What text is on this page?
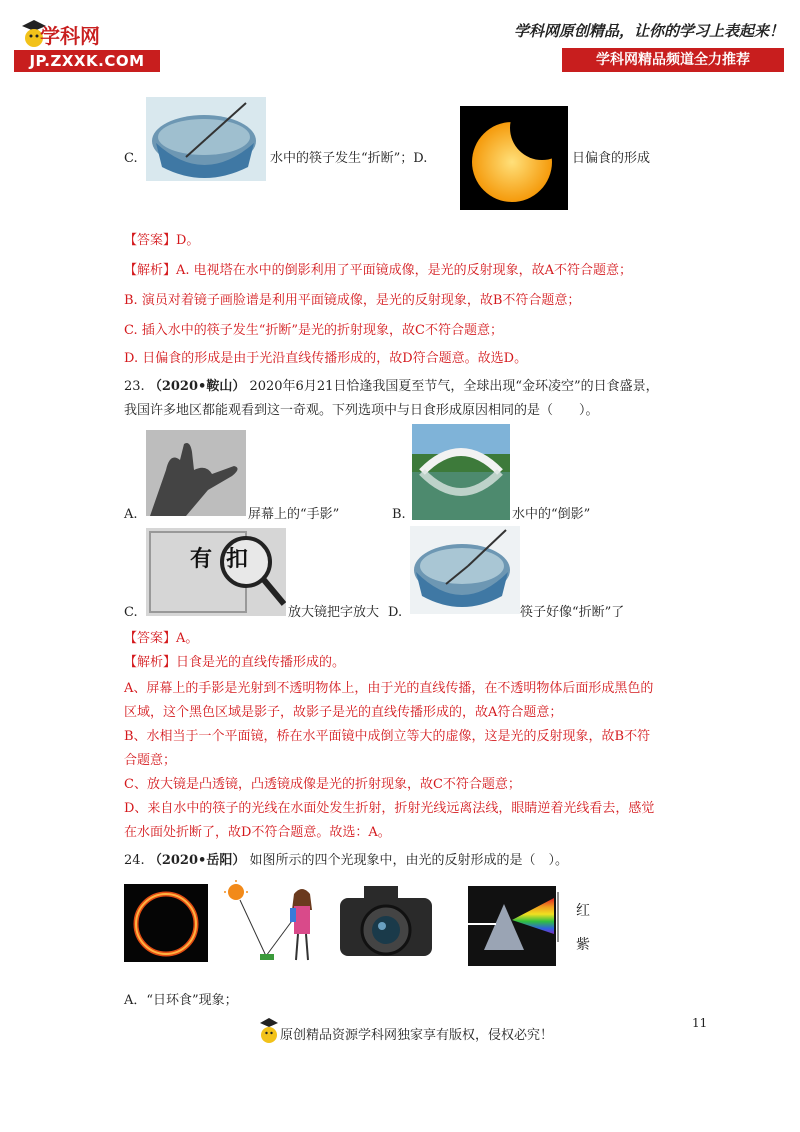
学科网
JP.ZXXK.COM
学科网原创精品，让你的学习上表起来！
学科网精品频道全力推荐
C.	水中的筷子发生“折断”；D.	日偏食的形成
【答案】D。
【解析】A. 电视塔在水中的倒影利用了平面镜成像，是光的反射现象，故A不符合题意；
B. 演员对着镜子画脸谱是利用平面镜成像，是光的反射现象，故B不符合题意；
C. 插入水中的筷子发生“折断”是光的折射现象，故C不符合题意；
D. 日偏食的形成是由于光沿直线传播形成的，故D符合题意。故选D。
23. （2020•鞍山） 2020年6月21日恰逢我国夏至节气，全球出现“金环凌空”的日食盛景，
我国许多地区都能观看到这一奇观。下列选项中与日食形成原因相同的是（　　）。
A.	屏幕上的“手影”	B.	水中的“倒影”
C.
有扣
放大镜把字放大 D.	筷子好像“折断”了
【答案】A。
【解析】日食是光的直线传播形成的。
A、屏幕上的手影是光射到不透明物体上，由于光的直线传播，在不透明物体后面形成黑色的
区域，这个黑色区域是影子，故影子是光的直线传播形成的，故A符合题意；
B、水相当于一个平面镜，桥在水平面镜中成倒立等大的虚像，这是光的反射现象，故B不符
合题意；
C、放大镜是凸透镜，凸透镜成像是光的折射现象，故C不符合题意；
D、来自水中的筷子的光线在水面处发生折射，折射光线远离法线，眼睛逆着光线看去，感觉
在水面处折断了，故D不符合题意。故选：A。
24. （2020•岳阳） 如图所示的四个光现象中，由光的反射形成的是（　）。
红
紫
A．“日环食”现象；
11
原创精品资源学科网独家享有版权，侵权必究！
